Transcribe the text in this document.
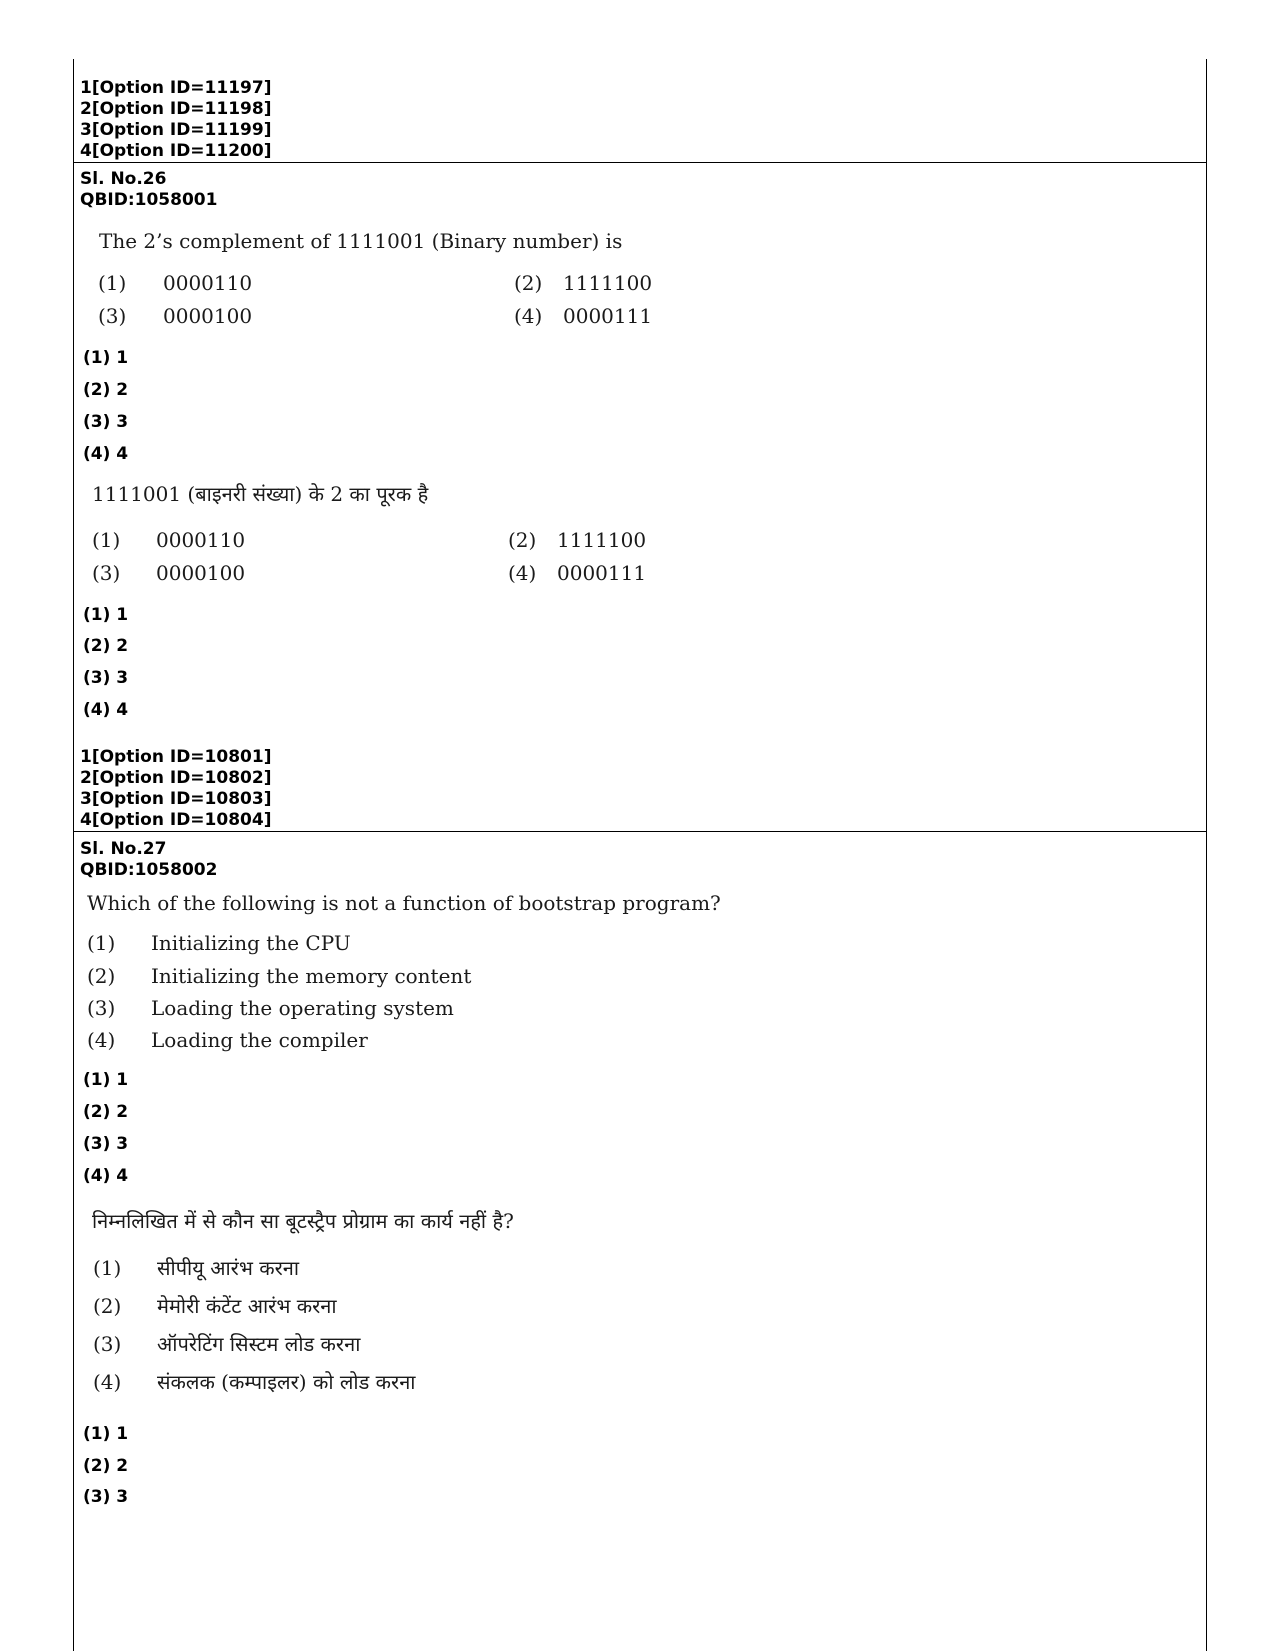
1[Option ID=11197]
2[Option ID=11198]
3[Option ID=11199]
4[Option ID=11200]
Sl. No.26
QBID:1058001
The 2’s complement of 1111001 (Binary number) is
(1) 0000110	(2) 1111100
(3) 0000100	(4) 0000111
(1) 1
(2) 2
(3) 3
(4) 4
1111001 (बाइनरी संख्या) के 2 का पूरक है
(1) 0000110	(2) 1111100
(3) 0000100	(4) 0000111
(1) 1
(2) 2
(3) 3
(4) 4
1[Option ID=10801]
2[Option ID=10802]
3[Option ID=10803]
4[Option ID=10804]
Sl. No.27
QBID:1058002
Which of the following is not a function of bootstrap program?
(1) Initializing the CPU
(2) Initializing the memory content
(3) Loading the operating system
(4) Loading the compiler
(1) 1
(2) 2
(3) 3
(4) 4
निम्नलिखित में से कौन सा बूटस्ट्रैप प्रोग्राम का कार्य नहीं है?
(1) सीपीयू आरंभ करना
(2) मेमोरी कंटेंट आरंभ करना
(3) ऑपरेटिंग सिस्टम लोड करना
(4) संकलक (कम्पाइलर) को लोड करना
(1) 1
(2) 2
(3) 3
